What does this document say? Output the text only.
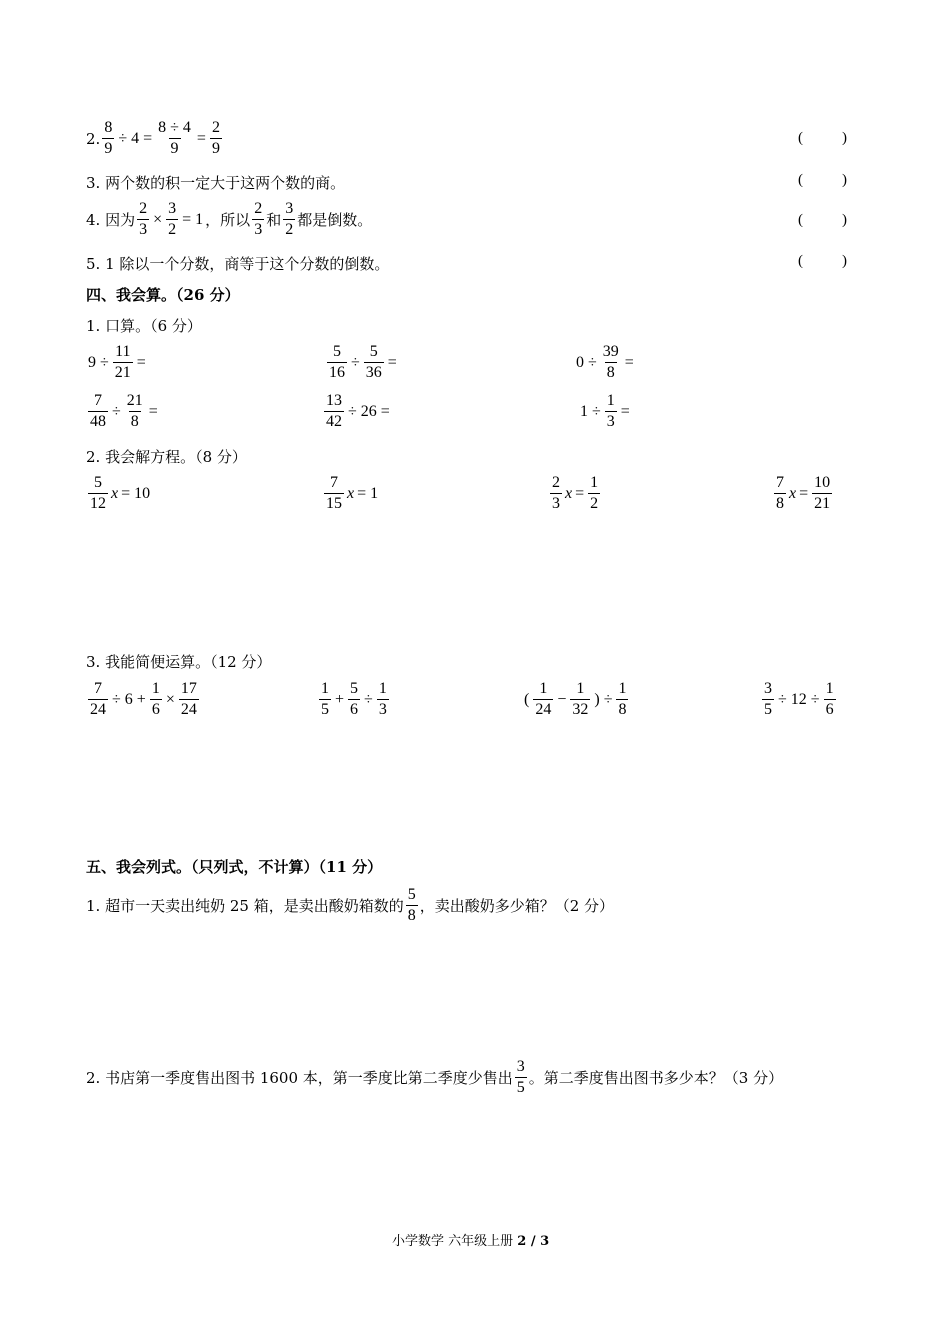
2. $\frac{8}{9} \div 4 = \frac{8 \div 4}{9} = \frac{2}{9}$	(	)
3. 两个数的积一定大于这两个数的商。	(	)
4.
因为 $\frac{2}{3} \times \frac{3}{2} = 1$ ，所以 $\frac{2}{3}$ 和 $\frac{3}{2}$ 都是倒数。	(	)
5. 1 除以一个分数，商等于这个分数的倒数。	(	)
四、我会算。（26 分）
1. 口算。（6 分）
$9 \div \frac{11}{21}$ =	$\frac{5}{16} \div \frac{5}{36}$ =	$0 \div \frac{39}{8}$ =
$\frac{7}{48} \div \frac{21}{8}$ =	$\frac{13}{42} \div 26$ =	$1 \div \frac{1}{3}$ =
2. 我会解方程。（8 分）
$\frac{5}{12}$ x = 10	$\frac{7}{15}$ x = 1	$\frac{2}{3}$ $x = \frac{1}{2}$	$\frac{7}{8}$ $x = \frac{10}{21}$
3. 我能简便运算。（12 分）
$\frac{7}{24} \div 6 + \frac{1}{6} \times \frac{17}{24}$	$\frac{1}{5} + \frac{5}{6} \div \frac{1}{3}$	( $\frac{1}{24} - \frac{1}{32}$ ) ÷ $\frac{1}{8}$	$\frac{3}{5} \div 12 \div \frac{1}{6}$
五、我会列式。（只列式，不计算）（11 分）
1. 超市一天卖出纯奶 25 箱，是卖出酸奶箱数的 $\frac{5}{8}$ ，卖出酸奶多少箱？（2 分）
2. 书店第一季度售出图书 1600 本，第一季度比第二季度少售出 $\frac{3}{5}$ 。第二季度售出图书多少本？（3 分）
小学数学 六年级上册 2 / 3
